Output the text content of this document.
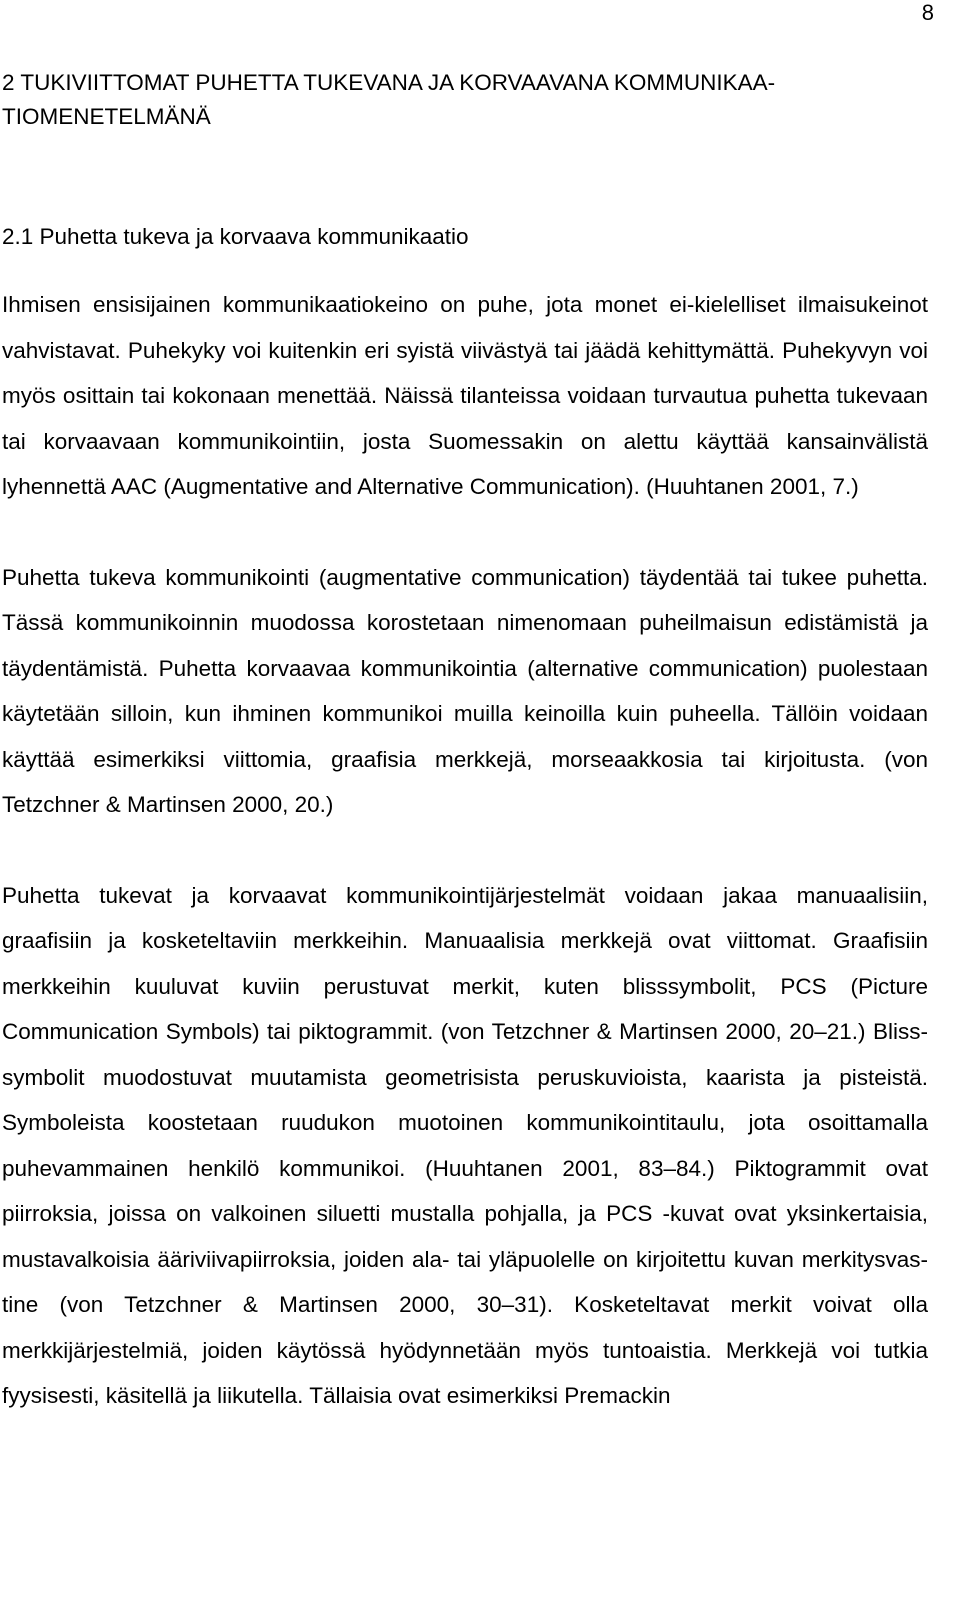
8
2 TUKIVIITTOMAT PUHETTA TUKEVANA JA KORVAAVANA KOMMUNIKAATIOMENETELMÄNÄ
2.1 Puhetta tukeva ja korvaava kommunikaatio

Ihmisen ensisijainen kommunikaatiokeino on puhe, jota monet ei-kielelliset ilmaisukeinot vahvistavat. Puhekyky voi kuitenkin eri syistä viivästyä tai jäädä kehittymättä. Puhekyvyn voi myös osittain tai kokonaan menettää. Näissä tilanteissa voidaan turvautua puhetta tukevaan tai korvaavaan kommunikointiin, josta Suomessakin on alettu käyttää kansainvälistä lyhennettä AAC (Augmentative and Alternative Communication). (Huuhtanen 2001, 7.)

Puhetta tukeva kommunikointi (augmentative communication) täydentää tai tukee puhetta. Tässä kommunikoinnin muodossa korostetaan nimenomaan puheilmaisun edistämistä ja täydentämistä. Puhetta korvaavaa kommunikointia (alternative communication) puolestaan käytetään silloin, kun ihminen kommunikoi muilla keinoilla kuin puheella. Tällöin voidaan käyttää esimerkiksi viittomia, graafisia merkkejä, morseaakkosia tai kirjoitusta. (von Tetzchner & Martinsen 2000, 20.)

Puhetta tukevat ja korvaavat kommunikointijärjestelmät voidaan jakaa manuaalisiin, graafisiin ja kosketeltaviin merkkeihin. Manuaalisia merkkejä ovat viittomat. Graafisiin merkkeihin kuuluvat kuviin perustuvat merkit, kuten blisssymbolit, PCS (Picture Communication Symbols) tai piktogrammit. (von Tetzchner & Martinsen 2000, 20–21.) Bliss-symbolit muodostuvat muutamista geometrisista peruskuvioista, kaarista ja pisteistä. Symboleista koostetaan ruudukon muotoinen kommunikointitaulu, jota osoittamalla puhevammainen henkilö kommunikoi. (Huuhtanen 2001, 83–84.) Piktogrammit ovat piirroksia, joissa on valkoinen siluetti mustalla pohjalla, ja PCS -kuvat ovat yksinkertaisia, mustavalkoisia ääriviivapiirroksia, joiden ala- tai yläpuolelle on kirjoitettu kuvan merkitysvastine (von Tetzchner & Martinsen 2000, 30–31). Kosketeltavat merkit voivat olla merkkijärjestelmiä, joiden käytössä hyödynnetään myös tuntoaistia. Merkkejä voi tutkia fyysisesti, käsitellä ja liikutella. Tällaisia ovat esimerkiksi Premackin
